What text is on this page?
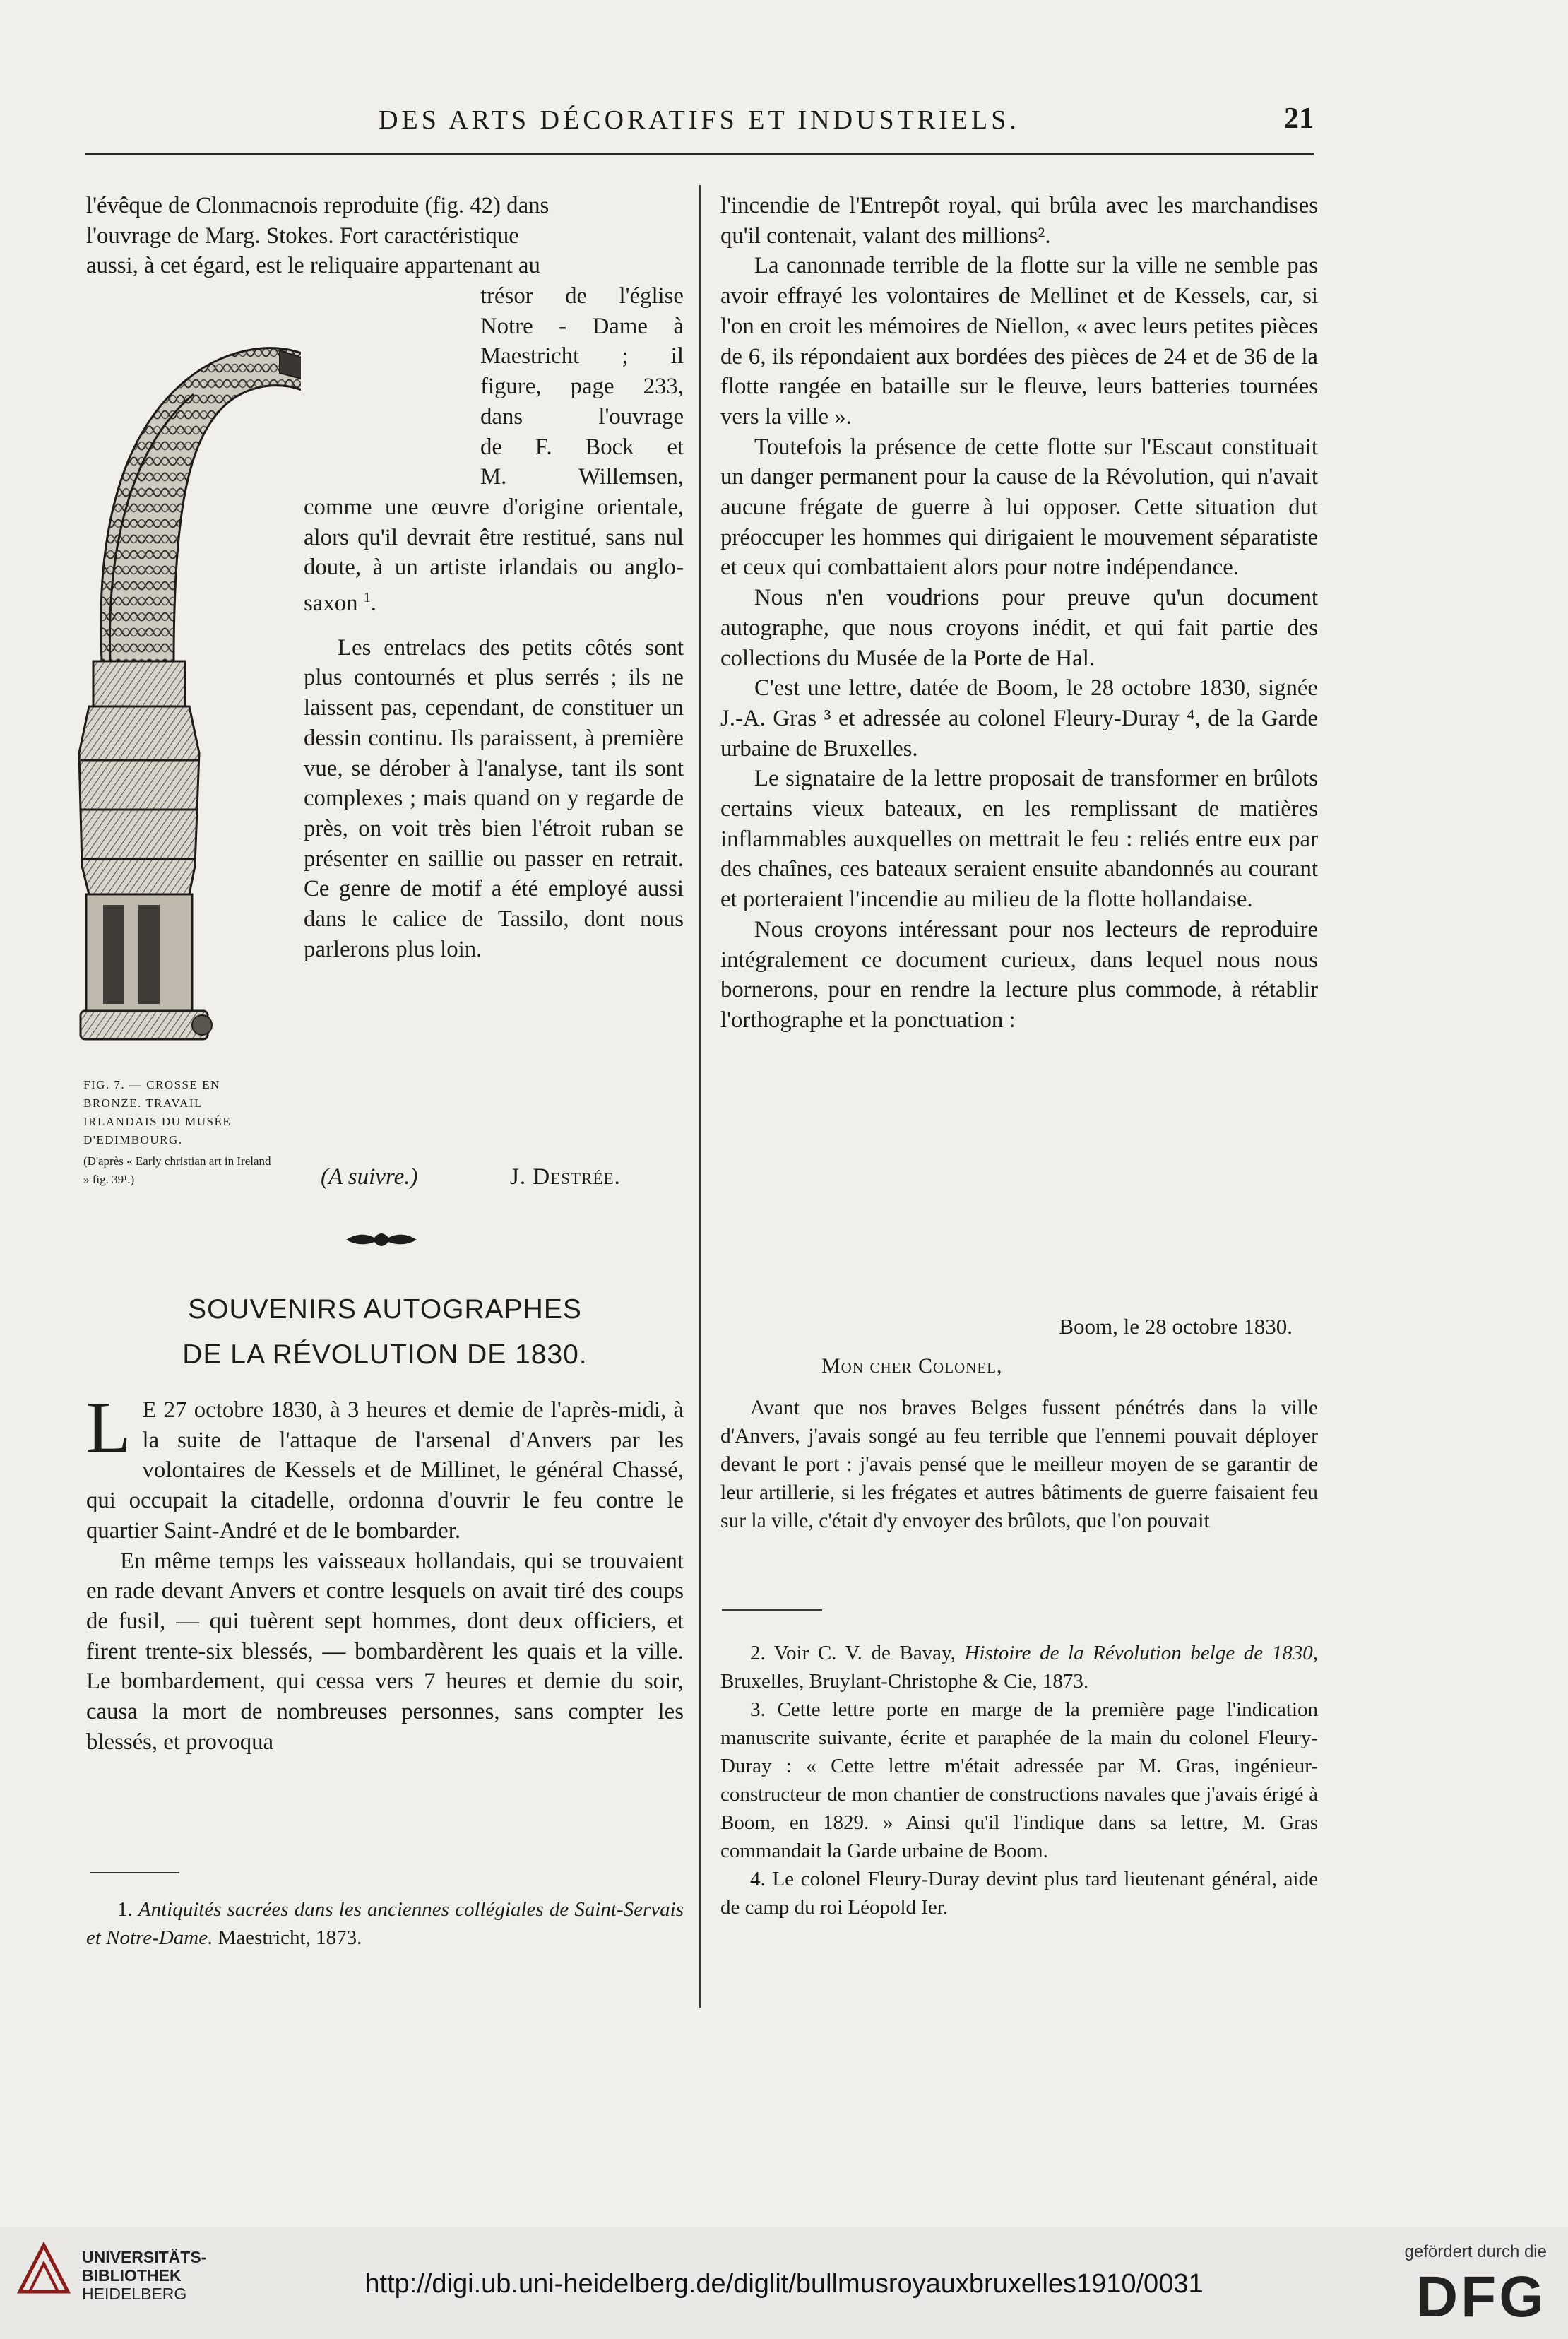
DES ARTS DÉCORATIFS ET INDUSTRIELS.	21
l'évêque de Clonmacnois reproduite (fig. 42) dans
l'ouvrage de Marg. Stokes. Fort caractéristique
aussi, à cet égard, est le reliquaire appartenant au
trésor de l'église
Notre - Dame à
Maestricht ; il
figure, page 233,
dans l'ouvrage
de F. Bock et
M. Willemsen,

comme une œuvre d'origine orientale, alors qu'il devrait être restitué, sans nul doute, à un artiste irlandais ou anglo-saxon $^1$.

Les entrelacs des petits côtés sont plus contournés et plus serrés ; ils ne laissent pas, cependant, de constituer un dessin continu. Ils paraissent, à première vue, se dérober à l'analyse, tant ils sont complexes ; mais quand on y regarde de près, on voit très bien l'étroit ruban se présenter en saillie ou passer en retrait. Ce genre de motif a été employé aussi dans le calice de Tassilo, dont nous parlerons plus loin.

FIG. 7. — CROSSE EN BRONZE. TRAVAIL IRLANDAIS DU MUSÉE D'EDIMBOURG.
(D'après « Early christian art in Ireland » fig. 39¹.)	(A suivre.)	J. Destrée.
SOUVENIRS AUTOGRAPHES
DE LA RÉVOLUTION DE 1830.

L E 27 octobre 1830, à 3 heures et demie de l'après-midi, à la suite de l'attaque de l'arsenal d'Anvers par les volontaires de Kessels et de Millinet, le général Chassé, qui occupait la citadelle, ordonna d'ouvrir le feu contre le quartier Saint-André et de le bombarder.

En même temps les vaisseaux hollandais, qui se trouvaient en rade devant Anvers et contre lesquels on avait tiré des coups de fusil, — qui tuèrent sept hommes, dont deux officiers, et firent trente-six blessés, — bombardèrent les quais et la ville. Le bombardement, qui cessa vers 7 heures et demie du soir, causa la mort de nombreuses personnes, sans compter les blessés, et provoqua

1. Antiquités sacrées dans les anciennes collégiales de Saint-Servais et Notre-Dame. Maestricht, 1873.

l'incendie de l'Entrepôt royal, qui brûla avec les marchandises qu'il contenait, valant des millions².

La canonnade terrible de la flotte sur la ville ne semble pas avoir effrayé les volontaires de Mellinet et de Kessels, car, si l'on en croit les mémoires de Niellon, « avec leurs petites pièces de 6, ils répondaient aux bordées des pièces de 24 et de 36 de la flotte rangée en bataille sur le fleuve, leurs batteries tournées vers la ville ».

Toutefois la présence de cette flotte sur l'Escaut constituait un danger permanent pour la cause de la Révolution, qui n'avait aucune frégate de guerre à lui opposer. Cette situation dut préoccuper les hommes qui dirigaient le mouvement séparatiste et ceux qui combattaient alors pour notre indépendance.

Nous n'en voudrions pour preuve qu'un document autographe, que nous croyons inédit, et qui fait partie des collections du Musée de la Porte de Hal.

C'est une lettre, datée de Boom, le 28 octobre 1830, signée J.-A. Gras ³ et adressée au colonel Fleury-Duray ⁴, de la Garde urbaine de Bruxelles.

Le signataire de la lettre proposait de transformer en brûlots certains vieux bateaux, en les remplissant de matières inflammables auxquelles on mettrait le feu : reliés entre eux par des chaînes, ces bateaux seraient ensuite abandonnés au courant et porteraient l'incendie au milieu de la flotte hollandaise.

Nous croyons intéressant pour nos lecteurs de reproduire intégralement ce document curieux, dans lequel nous nous bornerons, pour en rendre la lecture plus commode, à rétablir l'orthographe et la ponctuation :

Boom, le 28 octobre 1830.
Mon cher Colonel,

Avant que nos braves Belges fussent pénétrés dans la ville d'Anvers, j'avais songé au feu terrible que l'ennemi pouvait déployer devant le port : j'avais pensé que le meilleur moyen de se garantir de leur artillerie, si les frégates et autres bâtiments de guerre faisaient feu sur la ville, c'était d'y envoyer des brûlots, que l'on pouvait

2. Voir C. V. de Bavay, Histoire de la Révolution belge de 1830, Bruxelles, Bruylant-Christophe & Cie, 1873.

3. Cette lettre porte en marge de la première page l'indication manuscrite suivante, écrite et paraphée de la main du colonel Fleury-Duray : « Cette lettre m'était adressée par M. Gras, ingénieur-constructeur de mon chantier de constructions navales que j'avais érigé à Boom, en 1829. » Ainsi qu'il l'indique dans sa lettre, M. Gras commandait la Garde urbaine de Boom.

4. Le colonel Fleury-Duray devint plus tard lieutenant général, aide de camp du roi Léopold Ier.

UNIVERSITÄTS-
BIBLIOTHEK
HEIDELBERG	http://digi.ub.uni-heidelberg.de/diglit/bullmusroyauxbruxelles1910/0031
gefördert durch die
DFG
